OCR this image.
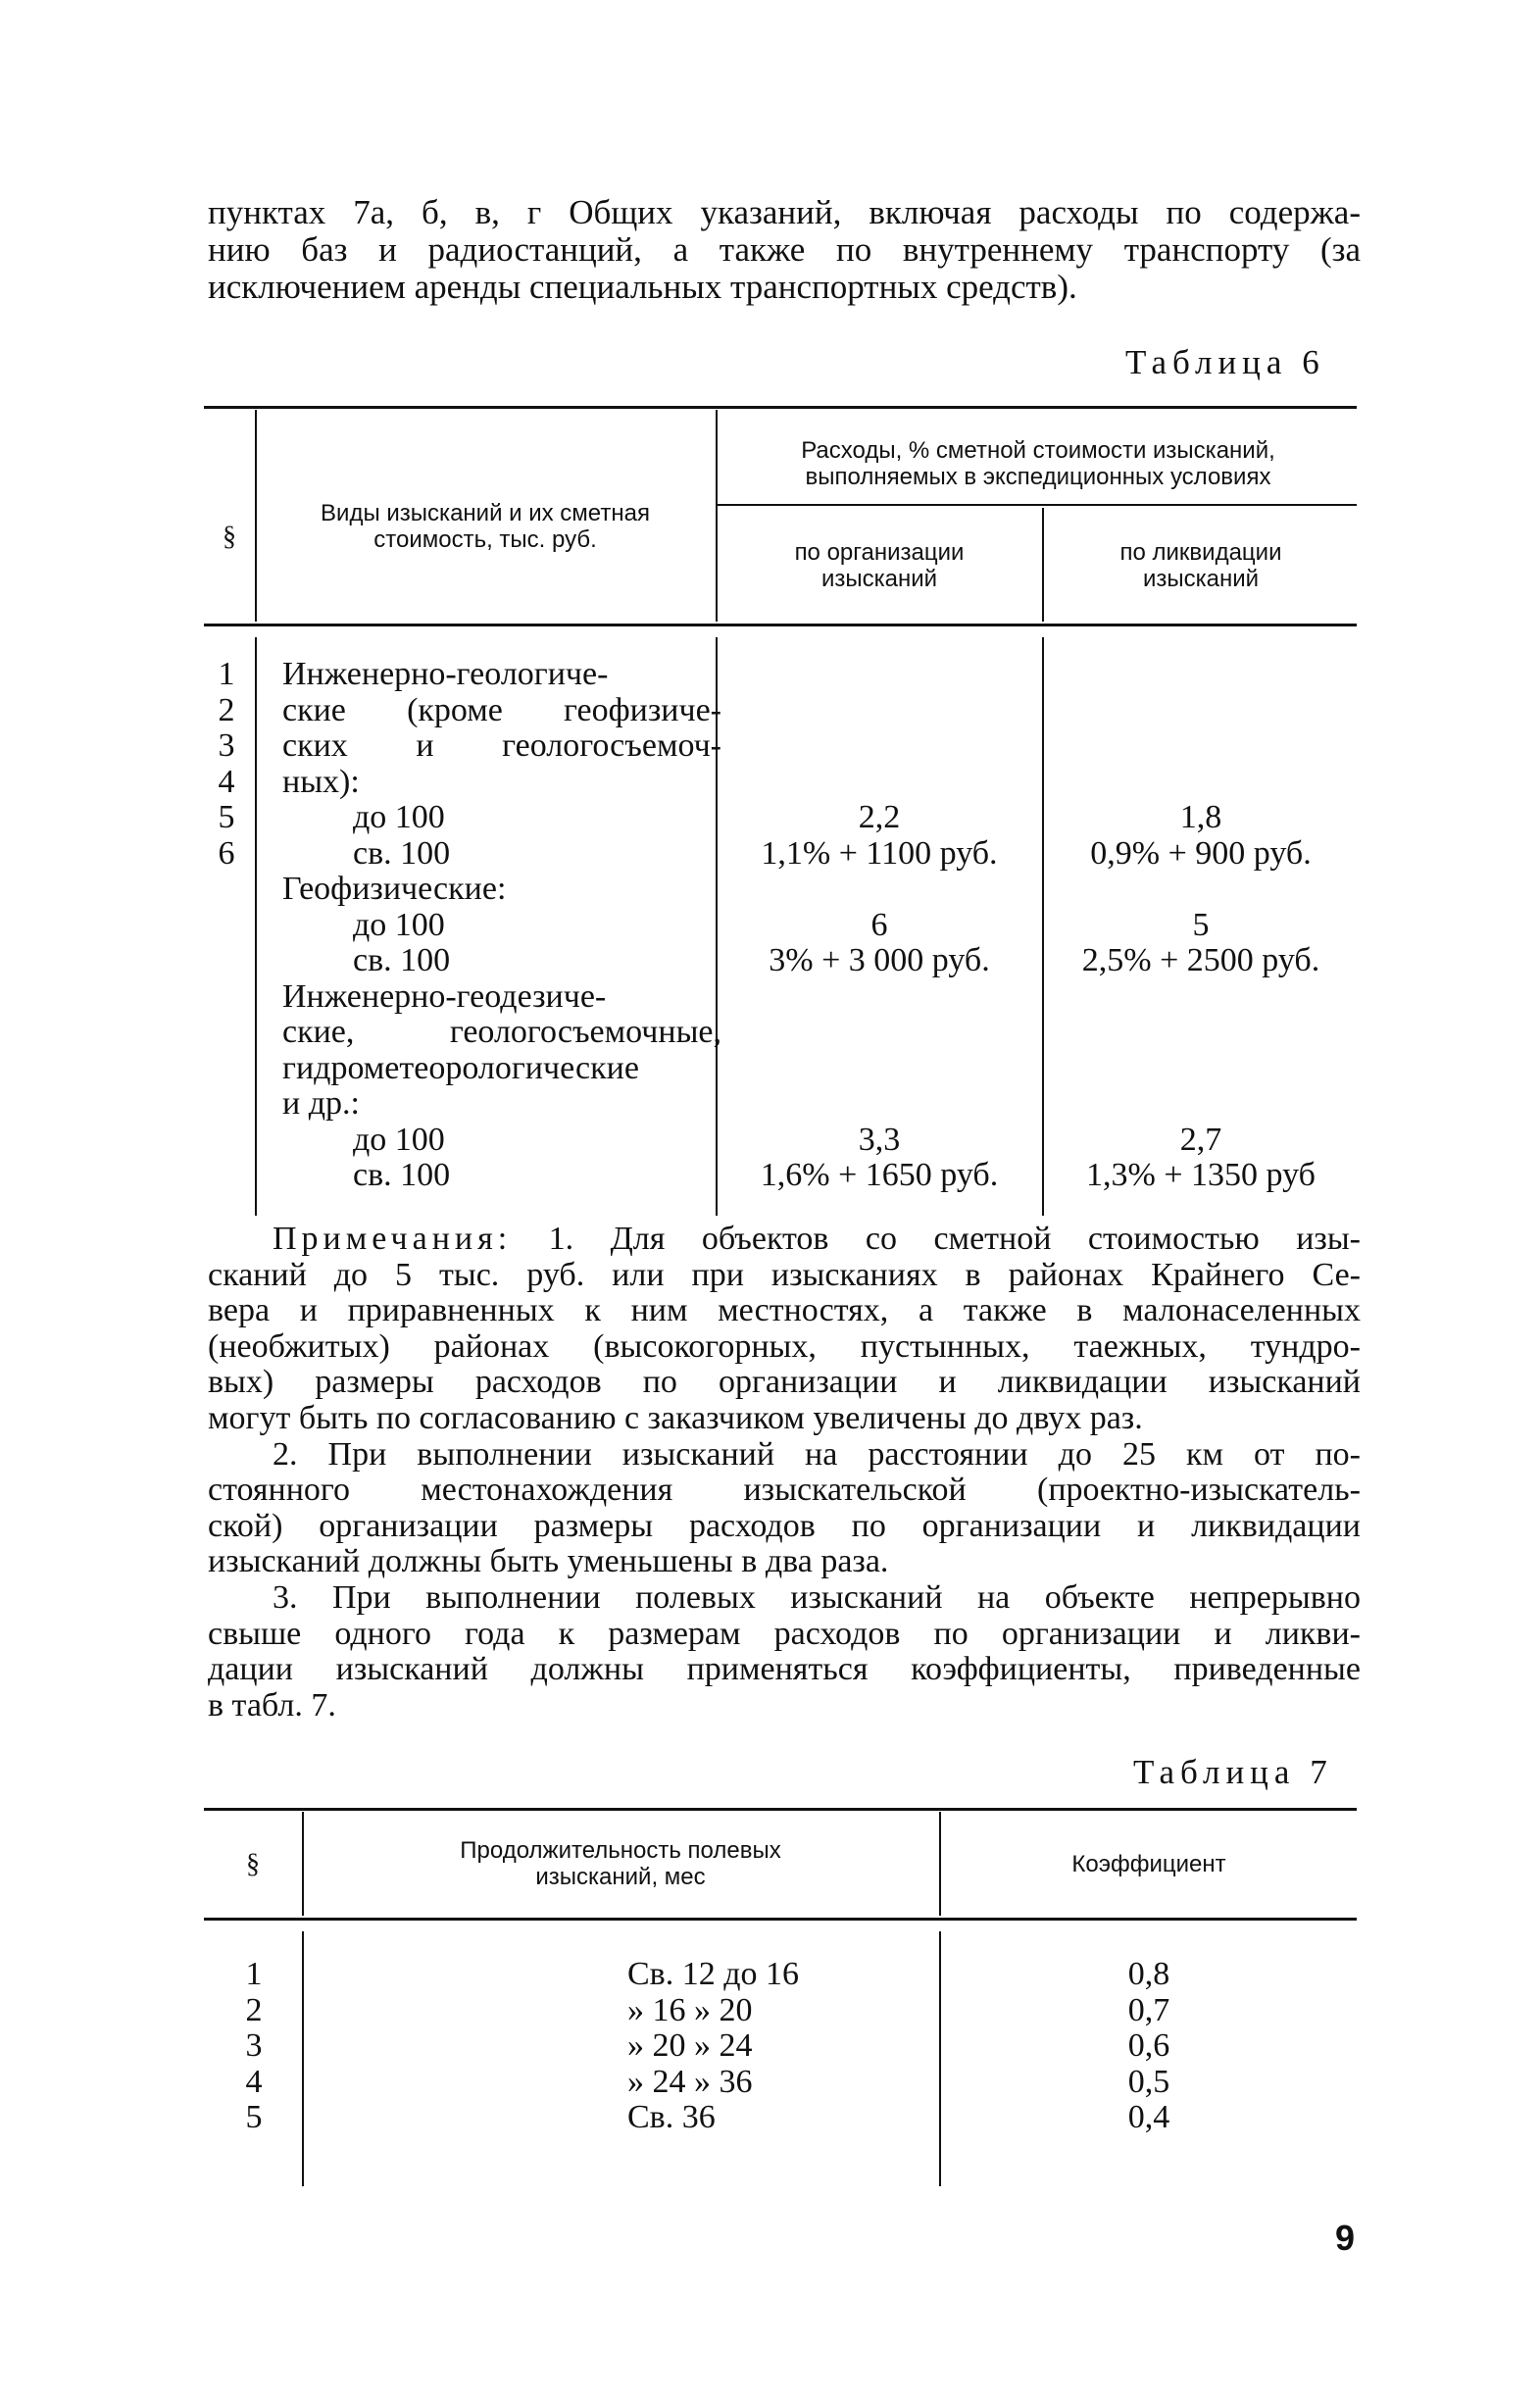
пунктах 7а, б, в, г Общих указаний, включая расходы по содержа-
нию баз и радиостанций, а также по внутреннему транспорту (за
исключением аренды специальных транспортных средств).
Таблица 6
§
Виды изысканий и их сметная
стоимость, тыс. руб.
Расходы, % сметной стоимости изысканий,
выполняемых в экспедиционных условиях
по организации
изысканий
по ликвидации
изысканий
Инженерно-геологиче-
ские (кроме геофизиче-
ских и геологосъемоч-
ных):
до 100
св. 100
Геофизические:
до 100
св. 100
Инженерно-геодезиче-
ские, геологосъемочные,
гидрометеорологические
и др.:
до 100
св. 100
1
2
3
4
5
6
2,2
1,1% + 1100 руб.
6
3% + 3 000 руб.
3,3
1,6% + 1650 руб.
1,8
0,9% + 900 руб.
5
2,5% + 2500 руб.
2,7
1,3% + 1350 руб
Примечания: 1. Для объектов со сметной стоимостью изы-
сканий до 5 тыс. руб. или при изысканиях в районах Крайнего Се-
вера и приравненных к ним местностях, а также в малонаселенных
(необжитых) районах (высокогорных, пустынных, таежных, тундро-
вых) размеры расходов по организации и ликвидации изысканий
могут быть по согласованию с заказчиком увеличены до двух раз.
2. При выполнении изысканий на расстоянии до 25 км от по-
стоянного местонахождения изыскательской (проектно-изыскатель-
ской) организации размеры расходов по организации и ликвидации
изысканий должны быть уменьшены в два раза.
3. При выполнении полевых изысканий на объекте непрерывно
свыше одного года к размерам расходов по организации и ликви-
дации изысканий должны применяться коэффициенты, приведенные
в табл. 7.
Таблица 7
§	Продолжительность полевых
изысканий, мес	Коэффициент
1
2
3
4
5
Св. 12 до 16
» 16 » 20
» 20 » 24
» 24 » 36
Св. 36
0,8
0,7
0,6
0,5
0,4
9
